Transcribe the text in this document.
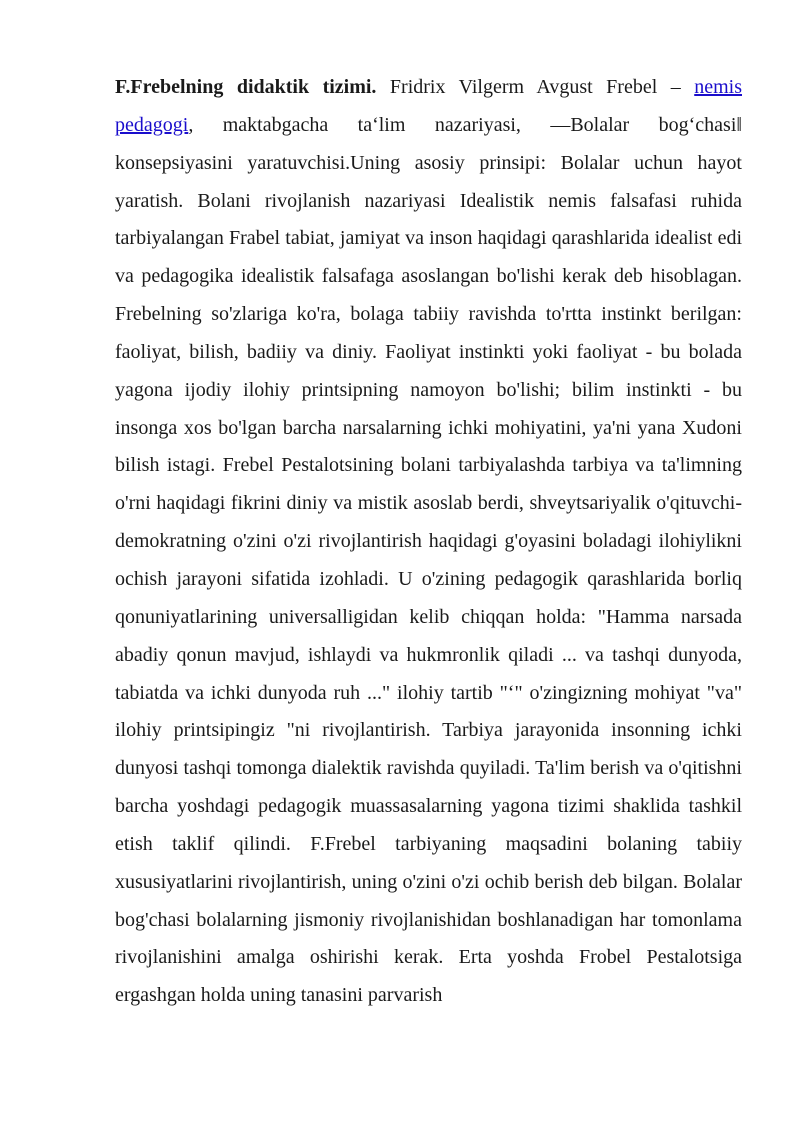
F.Frebelning didaktik tizimi. Fridrix Vilgerm Avgust Frebel – nemis pedagogi, maktabgacha ta‘lim nazariyasi, ―Bolalar bog‘chasi‖ konsepsiyasini yaratuvchisi.Uning asosiy prinsipi: Bolalar uchun hayot yaratish. Bolani rivojlanish nazariyasi Idealistik nemis falsafasi ruhida tarbiyalangan Frabel tabiat, jamiyat va inson haqidagi qarashlarida idealist edi va pedagogika idealistik falsafaga asoslangan bo'lishi kerak deb hisoblagan. Frebelning so'zlariga ko'ra, bolaga tabiiy ravishda to'rtta instinkt berilgan: faoliyat, bilish, badiiy va diniy. Faoliyat instinkti yoki faoliyat - bu bolada yagona ijodiy ilohiy printsipning namoyon bo'lishi; bilim instinkti - bu insonga xos bo'lgan barcha narsalarning ichki mohiyatini, ya'ni yana Xudoni bilish istagi. Frebel Pestalotsining bolani tarbiyalashda tarbiya va ta'limning o'rni haqidagi fikrini diniy va mistik asoslab berdi, shveytsariyalik o'qituvchi-demokratning o'zini o'zi rivojlantirish haqidagi g'oyasini boladagi ilohiylikni ochish jarayoni sifatida izohladi. U o'zining pedagogik qarashlarida borliq qonuniyatlarining universalligidan kelib chiqqan holda: "Hamma narsada abadiy qonun mavjud, ishlaydi va hukmronlik qiladi ... va tashqi dunyoda, tabiatda va ichki dunyoda ruh ..." ilohiy tartib "‘" o'zingizning mohiyat "va" ilohiy printsipingiz "ni rivojlantirish. Tarbiya jarayonida insonning ichki dunyosi tashqi tomonga dialektik ravishda quyiladi. Ta'lim berish va o'qitishni barcha yoshdagi pedagogik muassasalarning yagona tizimi shaklida tashkil etish taklif qilindi. F.Frebel tarbiyaning maqsadini bolaning tabiiy xususiyatlarini rivojlantirish, uning o'zini o'zi ochib berish deb bilgan. Bolalar bog'chasi bolalarning jismoniy rivojlanishidan boshlanadigan har tomonlama rivojlanishini amalga oshirishi kerak. Erta yoshda Frobel Pestalotsiga ergashgan holda uning tanasini parvarish
